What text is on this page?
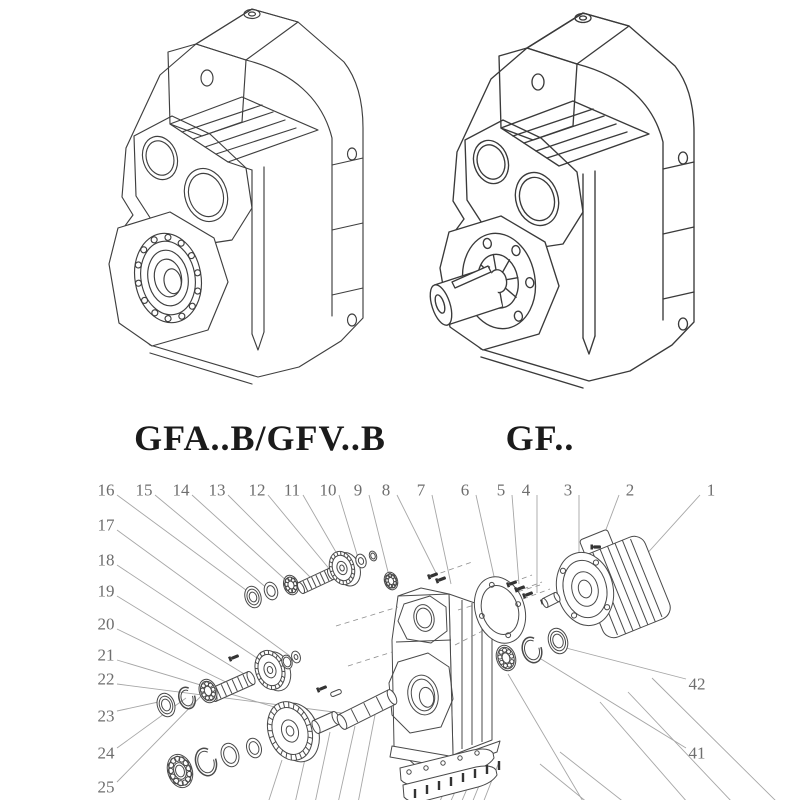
16 15 14 13 12 11 10 9 8 7 6 5 4 3	2	1
17
18
19
20
21
22
23
24
25
42
41
GFA..B/GFV..B	GF..
